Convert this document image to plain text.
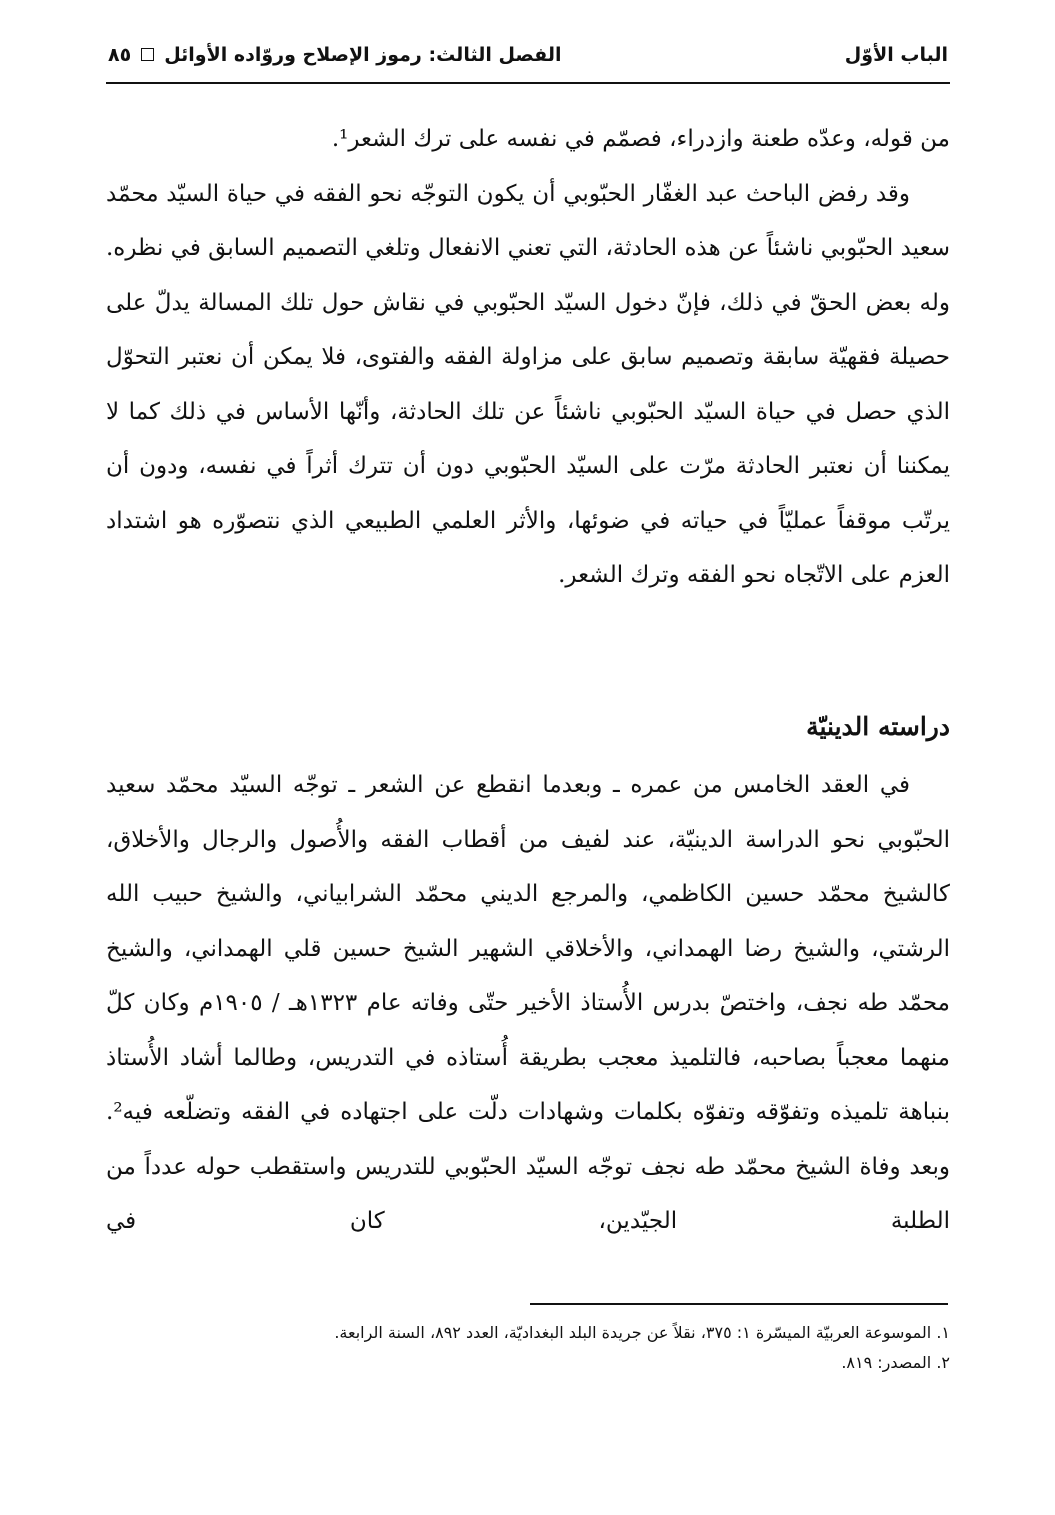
الباب الأوّل
الفصل الثالث: رموز الإصلاح وروّاده الأوائل
٨٥

من قوله، وعدّه طعنة وازدراء، فصمّم في نفسه على ترك الشعر¹.

وقد رفض الباحث عبد الغفّار الحبّوبي أن يكون التوجّه نحو الفقه في حياة السيّد محمّد سعيد الحبّوبي ناشئاً عن هذه الحادثة، التي تعني الانفعال وتلغي التصميم السابق في نظره. وله بعض الحقّ في ذلك، فإنّ دخول السيّد الحبّوبي في نقاش حول تلك المسالة يدلّ على حصيلة فقهيّة سابقة وتصميم سابق على مزاولة الفقه والفتوى، فلا يمكن أن نعتبر التحوّل الذي حصل في حياة السيّد الحبّوبي ناشئاً عن تلك الحادثة، وأنّها الأساس في ذلك كما لا يمكننا أن نعتبر الحادثة مرّت على السيّد الحبّوبي دون أن تترك أثراً في نفسه، ودون أن يرتّب موقفاً عمليّاً في حياته في ضوئها، والأثر العلمي الطبيعي الذي نتصوّره هو اشتداد العزم على الاتّجاه نحو الفقه وترك الشعر.

دراسته الدينيّة

في العقد الخامس من عمره ـ وبعدما انقطع عن الشعر ـ توجّه السيّد محمّد سعيد الحبّوبي نحو الدراسة الدينيّة، عند لفيف من أقطاب الفقه والأُصول والرجال والأخلاق، كالشيخ محمّد حسين الكاظمي، والمرجع الديني محمّد الشرابياني، والشيخ حبيب الله الرشتي، والشيخ رضا الهمداني، والأخلاقي الشهير الشيخ حسين قلي الهمداني، والشيخ محمّد طه نجف، واختصّ بدرس الأُستاذ الأخير حتّى وفاته عام ١٣٢٣هـ / ١٩٠٥م وكان كلّ منهما معجباً بصاحبه، فالتلميذ معجب بطريقة أُستاذه في التدريس، وطالما أشاد الأُستاذ بنباهة تلميذه وتفوّقه وتفوّه بكلمات وشهادات دلّت على اجتهاده في الفقه وتضلّعه فيه². وبعد وفاة الشيخ محمّد طه نجف توجّه السيّد الحبّوبي للتدريس واستقطب حوله عدداً من الطلبة الجيّدين، كان في

١. الموسوعة العربيّة الميسّرة ١: ٣٧٥، نقلاً عن جريدة البلد البغداديّة، العدد ٨٩٢، السنة الرابعة.
٢. المصدر: ٨١٩.
